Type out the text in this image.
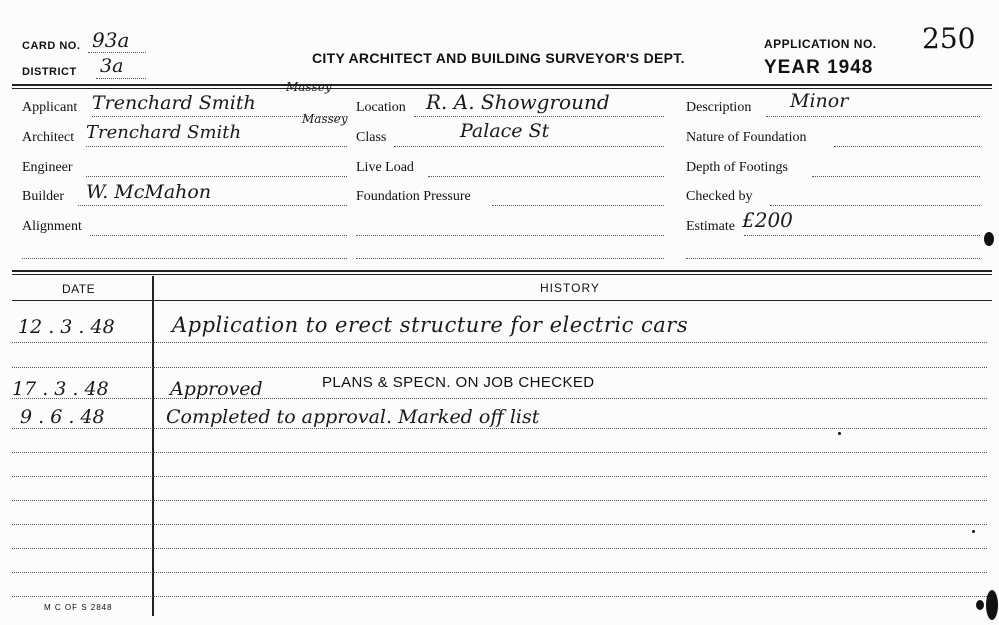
CARD NO. 93a
DISTRICT 3a	CITY ARCHITECT AND BUILDING SURVEYOR'S DEPT.
APPLICATION NO. 250
YEAR 1948
Applicant Trenchard Smith
Massey
Architect Trenchard Smith
Massey
Engineer
Builder W. McMahon
Alignment
Location R. A. Showground
Class	Palace St
Live Load
Foundation Pressure
Description Minor
Nature of Foundation
Depth of Footings
Checked by
Estimate £200
DATE	HISTORY
12 . 3 . 48	Application to erect structure for electric cars
17 . 3 . 48	Approved	PLANS & SPECN. ON JOB CHECKED
9 . 6 . 48	Completed to approval. Marked off list
M C OF S 2848
